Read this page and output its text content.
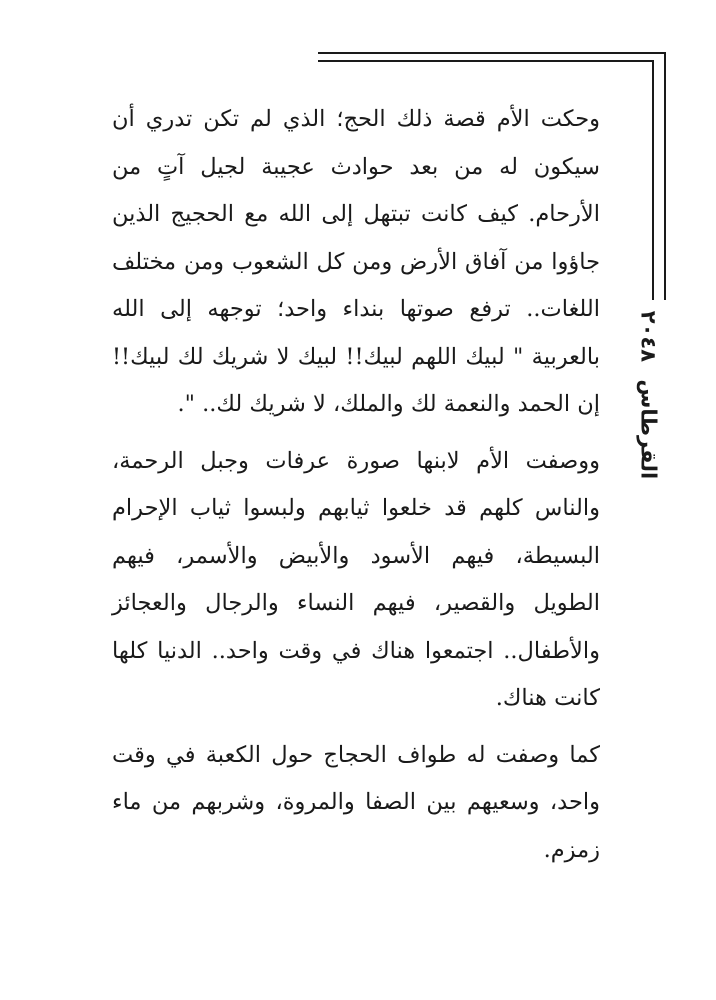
القرطاس ٢٠٤٨

وحكت الأم قصة ذلك الحج؛ الذي لم تكن تدري أن سيكون له من بعد حوادث عجيبة لجيل آتٍ من الأرحام. كيف كانت تبتهل إلى الله مع الحجيج الذين جاؤوا من آفاق الأرض ومن كل الشعوب ومن مختلف اللغات.. ترفع صوتها بنداء واحد؛ توجهه إلى الله بالعربية " لبيك اللهم لبيك!! لبيك لا شريك لك لبيك!! إن الحمد والنعمة لك والملك، لا شريك لك.. ".

ووصفت الأم لابنها صورة عرفات وجبل الرحمة، والناس كلهم قد خلعوا ثيابهم ولبسوا ثياب الإحرام البسيطة، فيهم الأسود والأبيض والأسمر، فيهم الطويل والقصير، فيهم النساء والرجال والعجائز والأطفال.. اجتمعوا هناك في وقت واحد.. الدنيا كلها كانت هناك.

كما وصفت له طواف الحجاج حول الكعبة في وقت واحد، وسعيهم بين الصفا والمروة، وشربهم من ماء زمزم.
